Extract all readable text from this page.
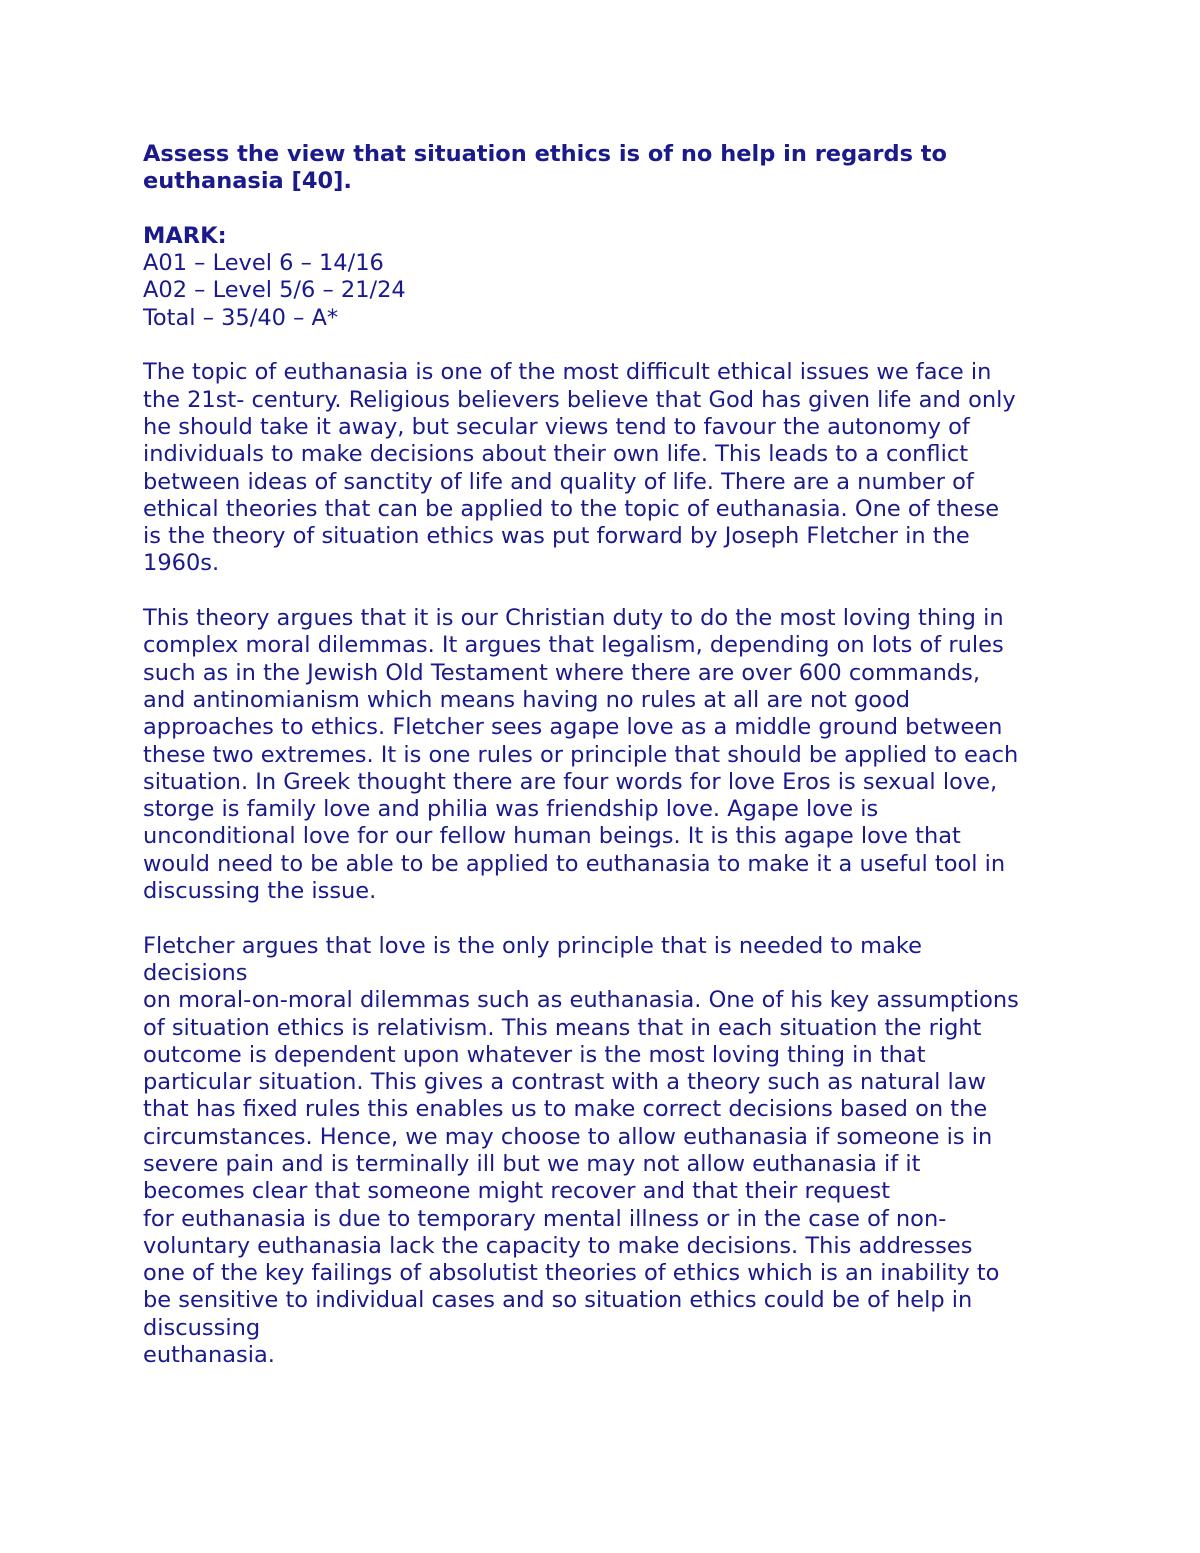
Assess the view that situation ethics is of no help in regards to
euthanasia [40].
MARK:
A01 – Level 6 – 14/16
A02 – Level 5/6 – 21/24
Total – 35/40 – A*
The topic of euthanasia is one of the most difficult ethical issues we face in
the 21st- century. Religious believers believe that God has given life and only
he should take it away, but secular views tend to favour the autonomy of
individuals to make decisions about their own life. This leads to a conflict
between ideas of sanctity of life and quality of life. There are a number of
ethical theories that can be applied to the topic of euthanasia. One of these
is the theory of situation ethics was put forward by Joseph Fletcher in the
1960s.
This theory argues that it is our Christian duty to do the most loving thing in
complex moral dilemmas. It argues that legalism, depending on lots of rules
such as in the Jewish Old Testament where there are over 600 commands,
and antinomianism which means having no rules at all are not good
approaches to ethics. Fletcher sees agape love as a middle ground between
these two extremes. It is one rules or principle that should be applied to each
situation. In Greek thought there are four words for love Eros is sexual love,
storge is family love and philia was friendship love. Agape love is
unconditional love for our fellow human beings. It is this agape love that
would need to be able to be applied to euthanasia to make it a useful tool in
discussing the issue.
Fletcher argues that love is the only principle that is needed to make
decisions
on moral-on-moral dilemmas such as euthanasia. One of his key assumptions
of situation ethics is relativism. This means that in each situation the right
outcome is dependent upon whatever is the most loving thing in that
particular situation. This gives a contrast with a theory such as natural law
that has fixed rules this enables us to make correct decisions based on the
circumstances. Hence, we may choose to allow euthanasia if someone is in
severe pain and is terminally ill but we may not allow euthanasia if it
becomes clear that someone might recover and that their request
for euthanasia is due to temporary mental illness or in the case of non-
voluntary euthanasia lack the capacity to make decisions. This addresses
one of the key failings of absolutist theories of ethics which is an inability to
be sensitive to individual cases and so situation ethics could be of help in
discussing
euthanasia.
